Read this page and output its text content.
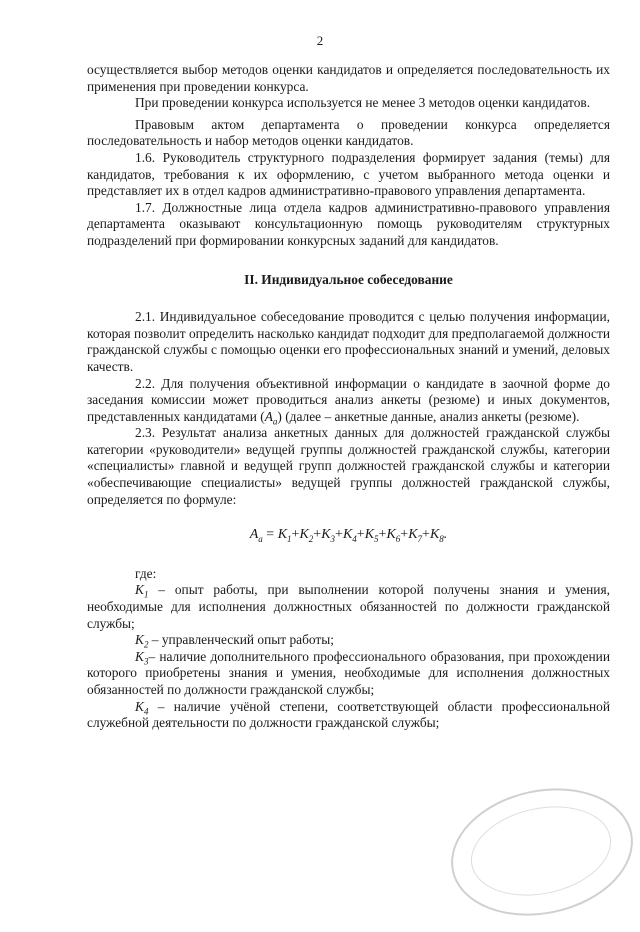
2

осуществляется выбор методов оценки кандидатов и определяется последовательность их применения при проведении конкурса.

При проведении конкурса используется не менее 3 методов оценки кандидатов.

Правовым актом департамента о проведении конкурса определяется последовательность и набор методов оценки кандидатов.

1.6. Руководитель структурного подразделения формирует задания (темы) для кандидатов, требования к их оформлению, с учетом выбранного метода оценки и представляет их в отдел кадров административно-правового управления департамента.

1.7. Должностные лица отдела кадров административно-правового управления департамента оказывают консультационную помощь руководителям структурных подразделений при формировании конкурсных заданий для кандидатов.

II. Индивидуальное собеседование

2.1. Индивидуальное собеседование проводится с целью получения информации, которая позволит определить насколько кандидат подходит для предполагаемой должности гражданской службы с помощью оценки его профессиональных знаний и умений, деловых качеств.

2.2. Для получения объективной информации о кандидате в заочной форме до заседания комиссии может проводиться анализ анкеты (резюме) и иных документов, представленных кандидатами $(A_a)$ (далее – анкетные данные, анализ анкеты (резюме).

2.3. Результат анализа анкетных данных для должностей гражданской службы категории «руководители» ведущей группы должностей гражданской службы, категории «специалисты» главной и ведущей групп должностей гражданской службы и категории «обеспечивающие специалисты» ведущей группы должностей гражданской службы, определяется по формуле:

$A_a = K_1+K_2+K_3+K_4+K_5+K_6+K_7+K_8$.

где:

$K_1$ – опыт работы, при выполнении которой получены знания и умения, необходимые для исполнения должностных обязанностей по должности гражданской службы;

$K_2$ – управленческий опыт работы;

$K_3-$ наличие дополнительного профессионального образования, при прохождении которого приобретены знания и умения, необходимые для исполнения должностных обязанностей по должности гражданской службы;

$K_4$ – наличие учёной степени, соответствующей области профессиональной служебной деятельности по должности гражданской службы;
